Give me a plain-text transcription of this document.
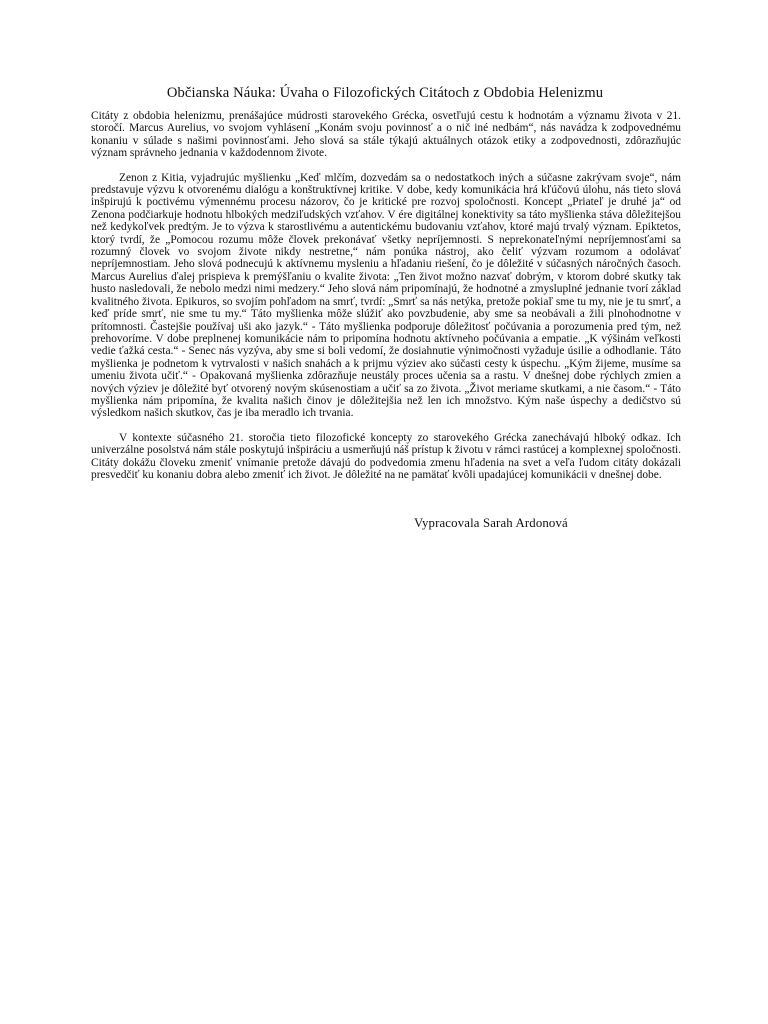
Občianska Náuka: Úvaha o Filozofických Citátoch z Obdobia Helenizmu

Citáty z obdobia helenizmu, prenášajúce múdrosti starovekého Grécka, osvetľujú cestu k hodnotám a významu života v 21. storočí. Marcus Aurelius, vo svojom vyhlásení „Konám svoju povinnosť a o nič iné nedbám“, nás navádza k zodpovednému konaniu v súlade s našimi povinnosťami. Jeho slová sa stále týkajú aktuálnych otázok etiky a zodpovednosti, zdôrazňujúc význam správneho jednania v každodennom živote.

Zenon z Kitia, vyjadrujúc myšlienku „Keď mlčím, dozvedám sa o nedostatkoch iných a súčasne zakrývam svoje“, nám predstavuje výzvu k otvorenému dialógu a konštruktívnej kritike. V dobe, kedy komunikácia hrá kľúčovú úlohu, nás tieto slová inšpirujú k poctivému výmennému procesu názorov, čo je kritické pre rozvoj spoločnosti. Koncept „Priateľ je druhé ja“ od Zenona podčiarkuje hodnotu hlbokých medziľudských vzťahov. V ére digitálnej konektivity sa táto myšlienka stáva dôležitejšou než kedykoľvek predtým. Je to výzva k starostlivému a autentickému budovaniu vzťahov, ktoré majú trvalý význam. Epiktetos, ktorý tvrdí, že „Pomocou rozumu môže človek prekonávať všetky nepríjemnosti. S neprekonateľnými nepríjemnosťami sa rozumný človek vo svojom živote nikdy nestretne,“ nám ponúka nástroj, ako čeliť výzvam rozumom a odolávať nepríjemnostiam. Jeho slová podnecujú k aktívnemu mysleniu a hľadaniu riešení, čo je dôležité v súčasných náročných časoch. Marcus Aurelius ďalej prispieva k premýšľaniu o kvalite života: „Ten život možno nazvať dobrým, v ktorom dobré skutky tak husto nasledovali, že nebolo medzi nimi medzery.“ Jeho slová nám pripomínajú, že hodnotné a zmysluplné jednanie tvorí základ kvalitného života. Epikuros, so svojím pohľadom na smrť, tvrdí: „Smrť sa nás netýka, pretože pokiaľ sme tu my, nie je tu smrť, a keď príde smrť, nie sme tu my.“ Táto myšlienka môže slúžiť ako povzbudenie, aby sme sa neobávali a žili plnohodnotne v prítomnosti. Častejšie používaj uši ako jazyk.“ - Táto myšlienka podporuje dôležitosť počúvania a porozumenia pred tým, než prehovoríme. V dobe preplnenej komunikácie nám to pripomína hodnotu aktívneho počúvania a empatie. „K výšinám veľkosti vedie ťažká cesta.“ - Senec nás vyzýva, aby sme si boli vedomí, že dosiahnutie výnimočnosti vyžaduje úsilie a odhodlanie. Táto myšlienka je podnetom k vytrvalosti v našich snahách a k prijmu výziev ako súčasti cesty k úspechu. „Kým žijeme, musíme sa umeniu života učiť.“ - Opakovaná myšlienka zdôrazňuje neustály proces učenia sa a rastu. V dnešnej dobe rýchlych zmien a nových výziev je dôležité byť otvorený novým skúsenostiam a učiť sa zo života. „Život meriame skutkami, a nie časom.“ - Táto myšlienka nám pripomína, že kvalita našich činov je dôležitejšia než len ich množstvo. Kým naše úspechy a dedičstvo sú výsledkom našich skutkov, čas je iba meradlo ich trvania.

V kontexte súčasného 21. storočia tieto filozofické koncepty zo starovekého Grécka zanechávajú hlboký odkaz. Ich univerzálne posolstvá nám stále poskytujú inšpiráciu a usmerňujú náš prístup k životu v rámci rastúcej a komplexnej spoločnosti. Citáty dokážu človeku zmeniť vnímanie pretože dávajú do podvedomia zmenu hľadenia na svet a veľa ľudom citáty dokázali presvedčiť ku konaniu dobra alebo zmeniť ich život. Je dôležité na ne pamätať kvôli upadajúcej komunikácii v dnešnej dobe.

Vypracovala Sarah Ardonová
